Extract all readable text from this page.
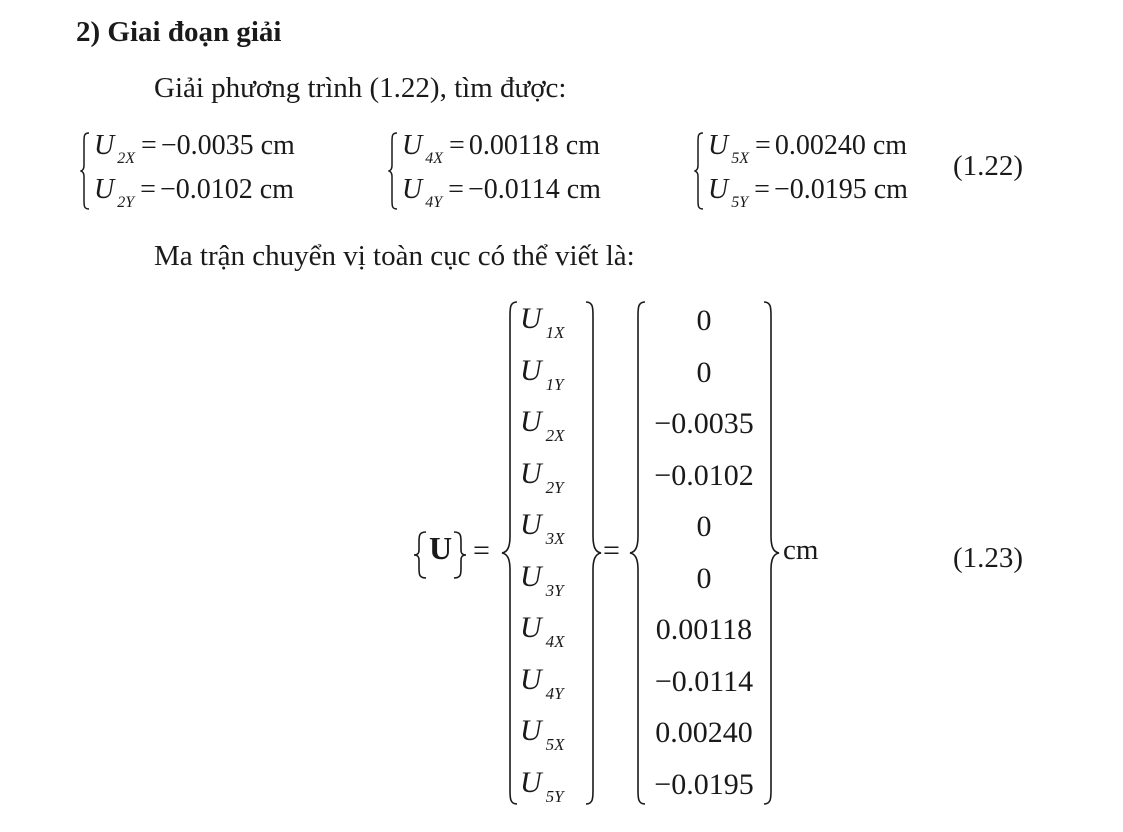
2) Giai đoạn giải
Giải phương trình (1.22), tìm được:
U $_{2X}$ = −0.0035 cm
U $_{2Y}$ = −0.0102 cm
U $_{4X}$ = 0.00118 cm
U $_{4Y}$ = −0.0114 cm
U $_{5X}$ = 0.00240 cm
U $_{5Y}$ = −0.0195 cm
(1.22)
Ma trận chuyển vị toàn cục có thể viết là:
U =	=	cm
U $_{1X}$	0
U $_{1Y}$	0
U $_{2X}$	−0.0035
U $_{2Y}$	−0.0102
U $_{3X}$	0
U $_{3Y}$	0
U $_{4X}$	0.00118
U $_{4Y}$	−0.0114
U $_{5X}$	0.00240
U $_{5Y}$	−0.0195
(1.23)
